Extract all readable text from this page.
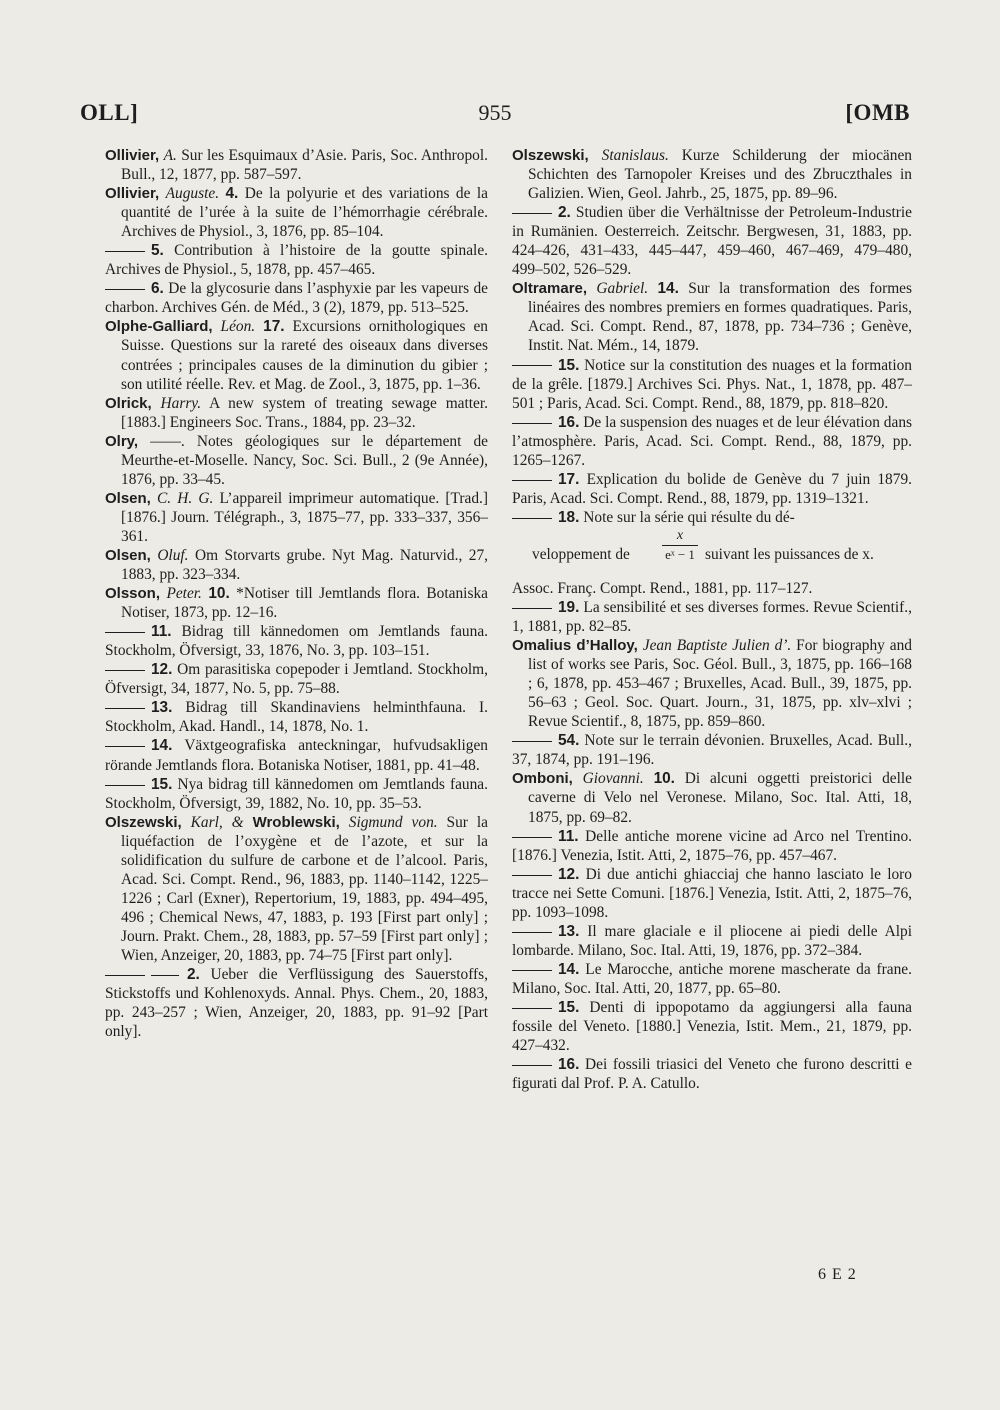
OLL]	955	[OMB

Ollivier, A. Sur les Esquimaux d’Asie. Paris, Soc. Anthropol. Bull., 12, 1877, pp. 587–597.

Ollivier, Auguste. 4. De la polyurie et des variations de la quantité de l’urée à la suite de l’hémorrhagie cérébrale. Archives de Physiol., 3, 1876, pp. 85–104.

5. Contribution à l’histoire de la goutte spinale. Archives de Physiol., 5, 1878, pp. 457–465.

6. De la glycosurie dans l’asphyxie par les vapeurs de charbon. Archives Gén. de Méd., 3 (2), 1879, pp. 513–525.

Olphe-Galliard, Léon. 17. Excursions ornithologiques en Suisse. Questions sur la rareté des oiseaux dans diverses contrées ; principales causes de la diminution du gibier ; son utilité réelle. Rev. et Mag. de Zool., 3, 1875, pp. 1–36.

Olrick, Harry. A new system of treating sewage matter. [1883.] Engineers Soc. Trans., 1884, pp. 23–32.

Olry, ——. Notes géologiques sur le département de Meurthe-et-Moselle. Nancy, Soc. Sci. Bull., 2 (9e Année), 1876, pp. 33–45.

Olsen, C. H. G. L’appareil imprimeur automatique. [Trad.] [1876.] Journ. Télégraph., 3, 1875–77, pp. 333–337, 356–361.

Olsen, Oluf. Om Storvarts grube. Nyt Mag. Naturvid., 27, 1883, pp. 323–334.

Olsson, Peter. 10. *Notiser till Jemtlands flora. Botaniska Notiser, 1873, pp. 12–16.

11. Bidrag till kännedomen om Jemtlands fauna. Stockholm, Öfversigt, 33, 1876, No. 3, pp. 103–151.

12. Om parasitiska copepoder i Jemtland. Stockholm, Öfversigt, 34, 1877, No. 5, pp. 75–88.

13. Bidrag till Skandinaviens helminthfauna. I. Stockholm, Akad. Handl., 14, 1878, No. 1.

14. Växtgeografiska anteckningar, hufvudsakligen rörande Jemtlands flora. Botaniska Notiser, 1881, pp. 41–48.

15. Nya bidrag till kännedomen om Jemtlands fauna. Stockholm, Öfversigt, 39, 1882, No. 10, pp. 35–53.

Olszewski, Karl, & Wroblewski, Sigmund von. Sur la liquéfaction de l’oxygène et de l’azote, et sur la solidification du sulfure de carbone et de l’alcool. Paris, Acad. Sci. Compt. Rend., 96, 1883, pp. 1140–1142, 1225–1226 ; Carl (Exner), Repertorium, 19, 1883, pp. 494–495, 496 ; Chemical News, 47, 1883, p. 193 [First part only] ; Journ. Prakt. Chem., 28, 1883, pp. 57–59 [First part only] ; Wien, Anzeiger, 20, 1883, pp. 74–75 [First part only].

2. Ueber die Verflüssigung des Sauerstoffs, Stickstoffs und Kohlenoxyds. Annal. Phys. Chem., 20, 1883, pp. 243–257 ; Wien, Anzeiger, 20, 1883, pp. 91–92 [Part only].

Olszewski, Stanislaus. Kurze Schilderung der miocänen Schichten des Tarnopoler Kreises und des Zbruczthales in Galizien. Wien, Geol. Jahrb., 25, 1875, pp. 89–96.

2. Studien über die Verhältnisse der Petroleum-Industrie in Rumänien. Oesterreich. Zeitschr. Bergwesen, 31, 1883, pp. 424–426, 431–433, 445–447, 459–460, 467–469, 479–480, 499–502, 526–529.

Oltramare, Gabriel. 14. Sur la transformation des formes linéaires des nombres premiers en formes quadratiques. Paris, Acad. Sci. Compt. Rend., 87, 1878, pp. 734–736 ; Genève, Instit. Nat. Mém., 14, 1879.

15. Notice sur la constitution des nuages et la formation de la grêle. [1879.] Archives Sci. Phys. Nat., 1, 1878, pp. 487–501 ; Paris, Acad. Sci. Compt. Rend., 88, 1879, pp. 818–820.

16. De la suspension des nuages et de leur élévation dans l’atmosphère. Paris, Acad. Sci. Compt. Rend., 88, 1879, pp. 1265–1267.

17. Explication du bolide de Genève du 7 juin 1879. Paris, Acad. Sci. Compt. Rend., 88, 1879, pp. 1319–1321.

18. Note sur la série qui résulte du dé-

veloppement de
x
eˣ − 1 suivant les puissances de x.

Assoc. Franç. Compt. Rend., 1881, pp. 117–127.

19. La sensibilité et ses diverses formes. Revue Scientif., 1, 1881, pp. 82–85.

Omalius d’Halloy, Jean Baptiste Julien d’. For biography and list of works see Paris, Soc. Géol. Bull., 3, 1875, pp. 166–168 ; 6, 1878, pp. 453–467 ; Bruxelles, Acad. Bull., 39, 1875, pp. 56–63 ; Geol. Soc. Quart. Journ., 31, 1875, pp. xlv–xlvi ; Revue Scientif., 8, 1875, pp. 859–860.

54. Note sur le terrain dévonien. Bruxelles, Acad. Bull., 37, 1874, pp. 191–196.

Omboni, Giovanni. 10. Di alcuni oggetti preistorici delle caverne di Velo nel Veronese. Milano, Soc. Ital. Atti, 18, 1875, pp. 69–82.

11. Delle antiche morene vicine ad Arco nel Trentino. [1876.] Venezia, Istit. Atti, 2, 1875–76, pp. 457–467.

12. Di due antichi ghiacciaj che hanno lasciato le loro tracce nei Sette Comuni. [1876.] Venezia, Istit. Atti, 2, 1875–76, pp. 1093–1098.

13. Il mare glaciale e il pliocene ai piedi delle Alpi lombarde. Milano, Soc. Ital. Atti, 19, 1876, pp. 372–384.

14. Le Marocche, antiche morene mascherate da frane. Milano, Soc. Ital. Atti, 20, 1877, pp. 65–80.

15. Denti di ippopotamo da aggiungersi alla fauna fossile del Veneto. [1880.] Venezia, Istit. Mem., 21, 1879, pp. 427–432.

16. Dei fossili triasici del Veneto che furono descritti e figurati dal Prof. P. A. Catullo.

6 E 2
